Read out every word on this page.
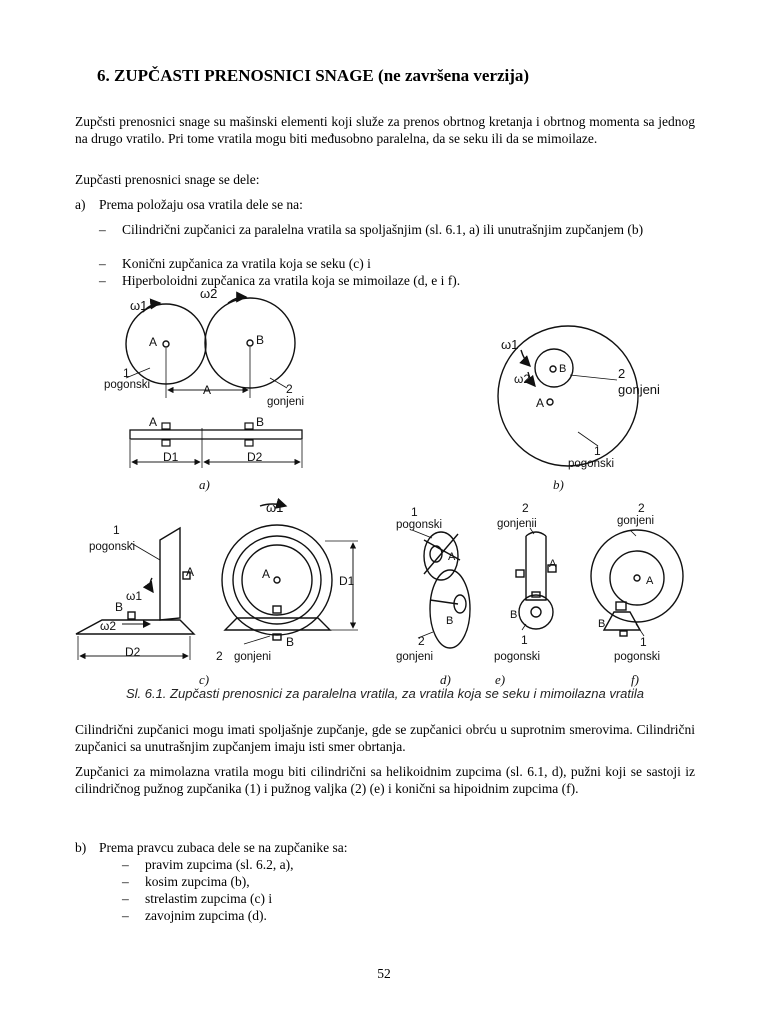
6. ZUPČASTI PRENOSNICI SNAGE (ne završena verzija)
Zupčsti prenosnici snage su mašinski elementi koji služe za prenos obrtnog kretanja i obrtnog momenta sa jednog na drugo vratilo. Pri tome vratila mogu biti međusobno paralelna, da se seku ili da se mimoilaze.
Zupčasti prenosnici snage se dele:
a) Prema položaju osa vratila dele se na:
– Cilindrični zupčanici za paralelna vratila sa spoljašnjim (sl. 6.1, a) ili unutrašnjim zupčanjem (b)
– Konični zupčanica za vratila koja se seku (c) i
– Hiperboloidni zupčanica za vratila koja se mimoilaze (d, e i f).
ω1
ω2
A	B
1
pogonski	A	2
gonjeni
A	B
D1	D2
a)
ω1
ω2
B
A
2
gonjeni
1
pogonski
b)
1
pogonski
A
ω1
B
ω2
D2
ω1
A
B
D1
2 gonjeni
c)
1
pogonski
A
B
2
gonjeni
d)
2
gonjenii
A
B
1
pogonski
e)
2
gonjeni
A
B
1
pogonski
f)
Sl. 6.1. Zupčasti prenosnici za paralelna vratila, za vratila koja se seku i mimoilazna vratila
Cilindrični zupčanici mogu imati spoljašnje zupčanje, gde se zupčanici obrću u suprotnim smerovima. Cilindrični zupčanici sa unutrašnjim zupčanjem imaju isti smer obrtanja.
Zupčanici za mimolazna vratila mogu biti cilindrični sa helikoidnim zupcima (sl. 6.1, d), pužni koji se sastoji iz cilindričnog pužnog zupčanika (1) i pužnog valjka (2) (e) i konični sa hipoidnim zupcima (f).
b) Prema pravcu zubaca dele se na zupčanike sa:
– pravim zupcima (sl. 6.2, a),
– kosim zupcima (b),
– strelastim zupcima (c) i
– zavojnim zupcima (d).
52
